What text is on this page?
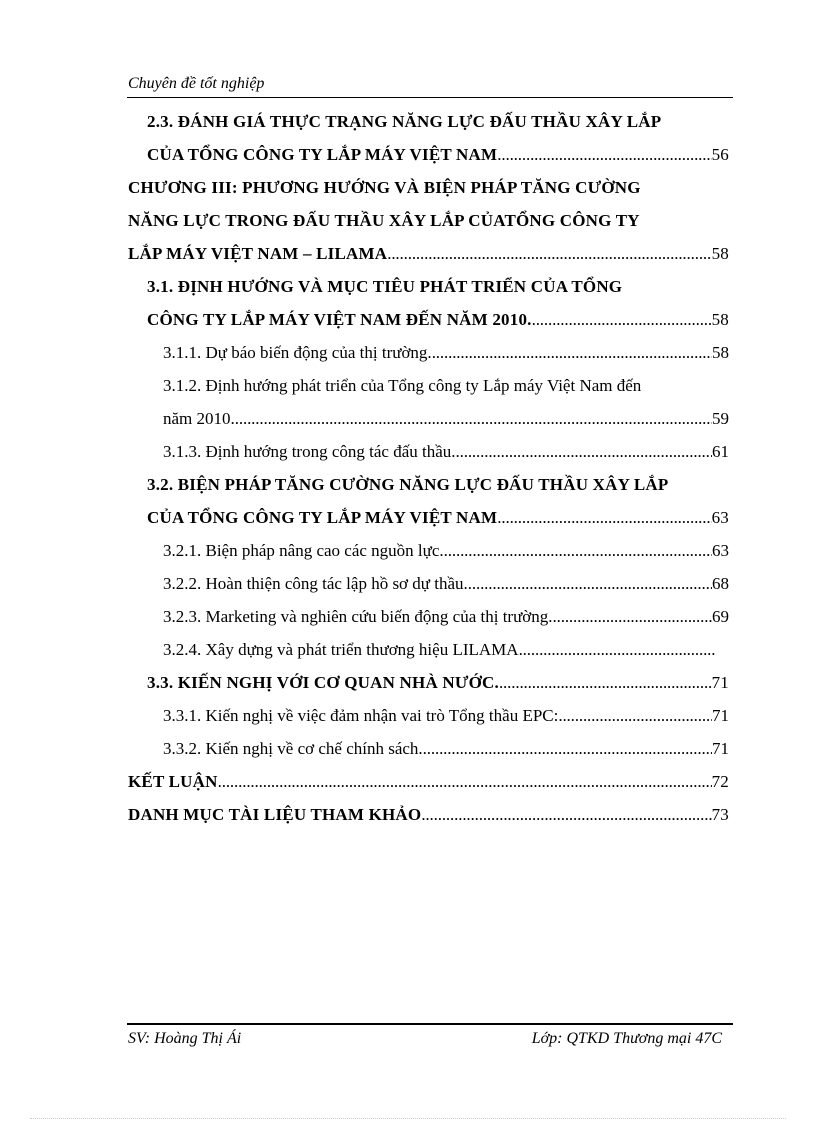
Chuyên đề tốt nghiệp
2.3. ĐÁNH GIÁ THỰC TRẠNG NĂNG LỰC ĐẤU THẦU XÂY LẮP
CỦA TỔNG CÔNG TY LẮP MÁY VIỆT NAM . . .	56
CHƯƠNG III: PHƯƠNG HƯỚNG VÀ BIỆN PHÁP TĂNG CƯỜNG
NĂNG LỰC TRONG ĐẤU THẦU XÂY LẮP CỦATỔNG CÔNG TY
LẮP MÁY VIỆT NAM – LILAMA . . .	58
3.1. ĐỊNH HƯỚNG VÀ MỤC TIÊU PHÁT TRIỂN CỦA TỔNG
CÔNG TY LẮP MÁY VIỆT NAM ĐẾN NĂM 2010. . . .	58
3.1.1. Dự báo biến động của thị trường. . . .	58
3.1.2. Định hướng phát triển của Tổng công ty Lắp máy Việt Nam đến
năm 2010. . . .	59
3.1.3. Định hướng trong công tác đấu thầu. . . .	61
3.2. BIỆN PHÁP TĂNG CƯỜNG NĂNG LỰC ĐẤU THẦU XÂY LẮP
CỦA TỔNG CÔNG TY LẮP MÁY VIỆT NAM . . .	63
3.2.1. Biện pháp nâng cao các nguồn lực. . . .	63
3.2.2. Hoàn thiện công tác lập hồ sơ dự thầu. . . .	68
3.2.3. Marketing và nghiên cứu biến động của thị trường. . . .	69
3.2.4. Xây dựng và phát triển thương hiệu LILAMA
. . .
3.3. KIẾN NGHỊ VỚI CƠ QUAN NHÀ NƯỚC. . . .	71
3.3.1. Kiến nghị về việc đảm nhận vai trò Tổng thầu EPC: . . .	71
3.3.2. Kiến nghị về cơ chế chính sách. . . .	71
KẾT LUẬN . . .	72
DANH MỤC TÀI LIỆU THAM KHẢO . . .	73
SV: Hoàng Thị Ái	Lớp: QTKD Thương mại 47C
